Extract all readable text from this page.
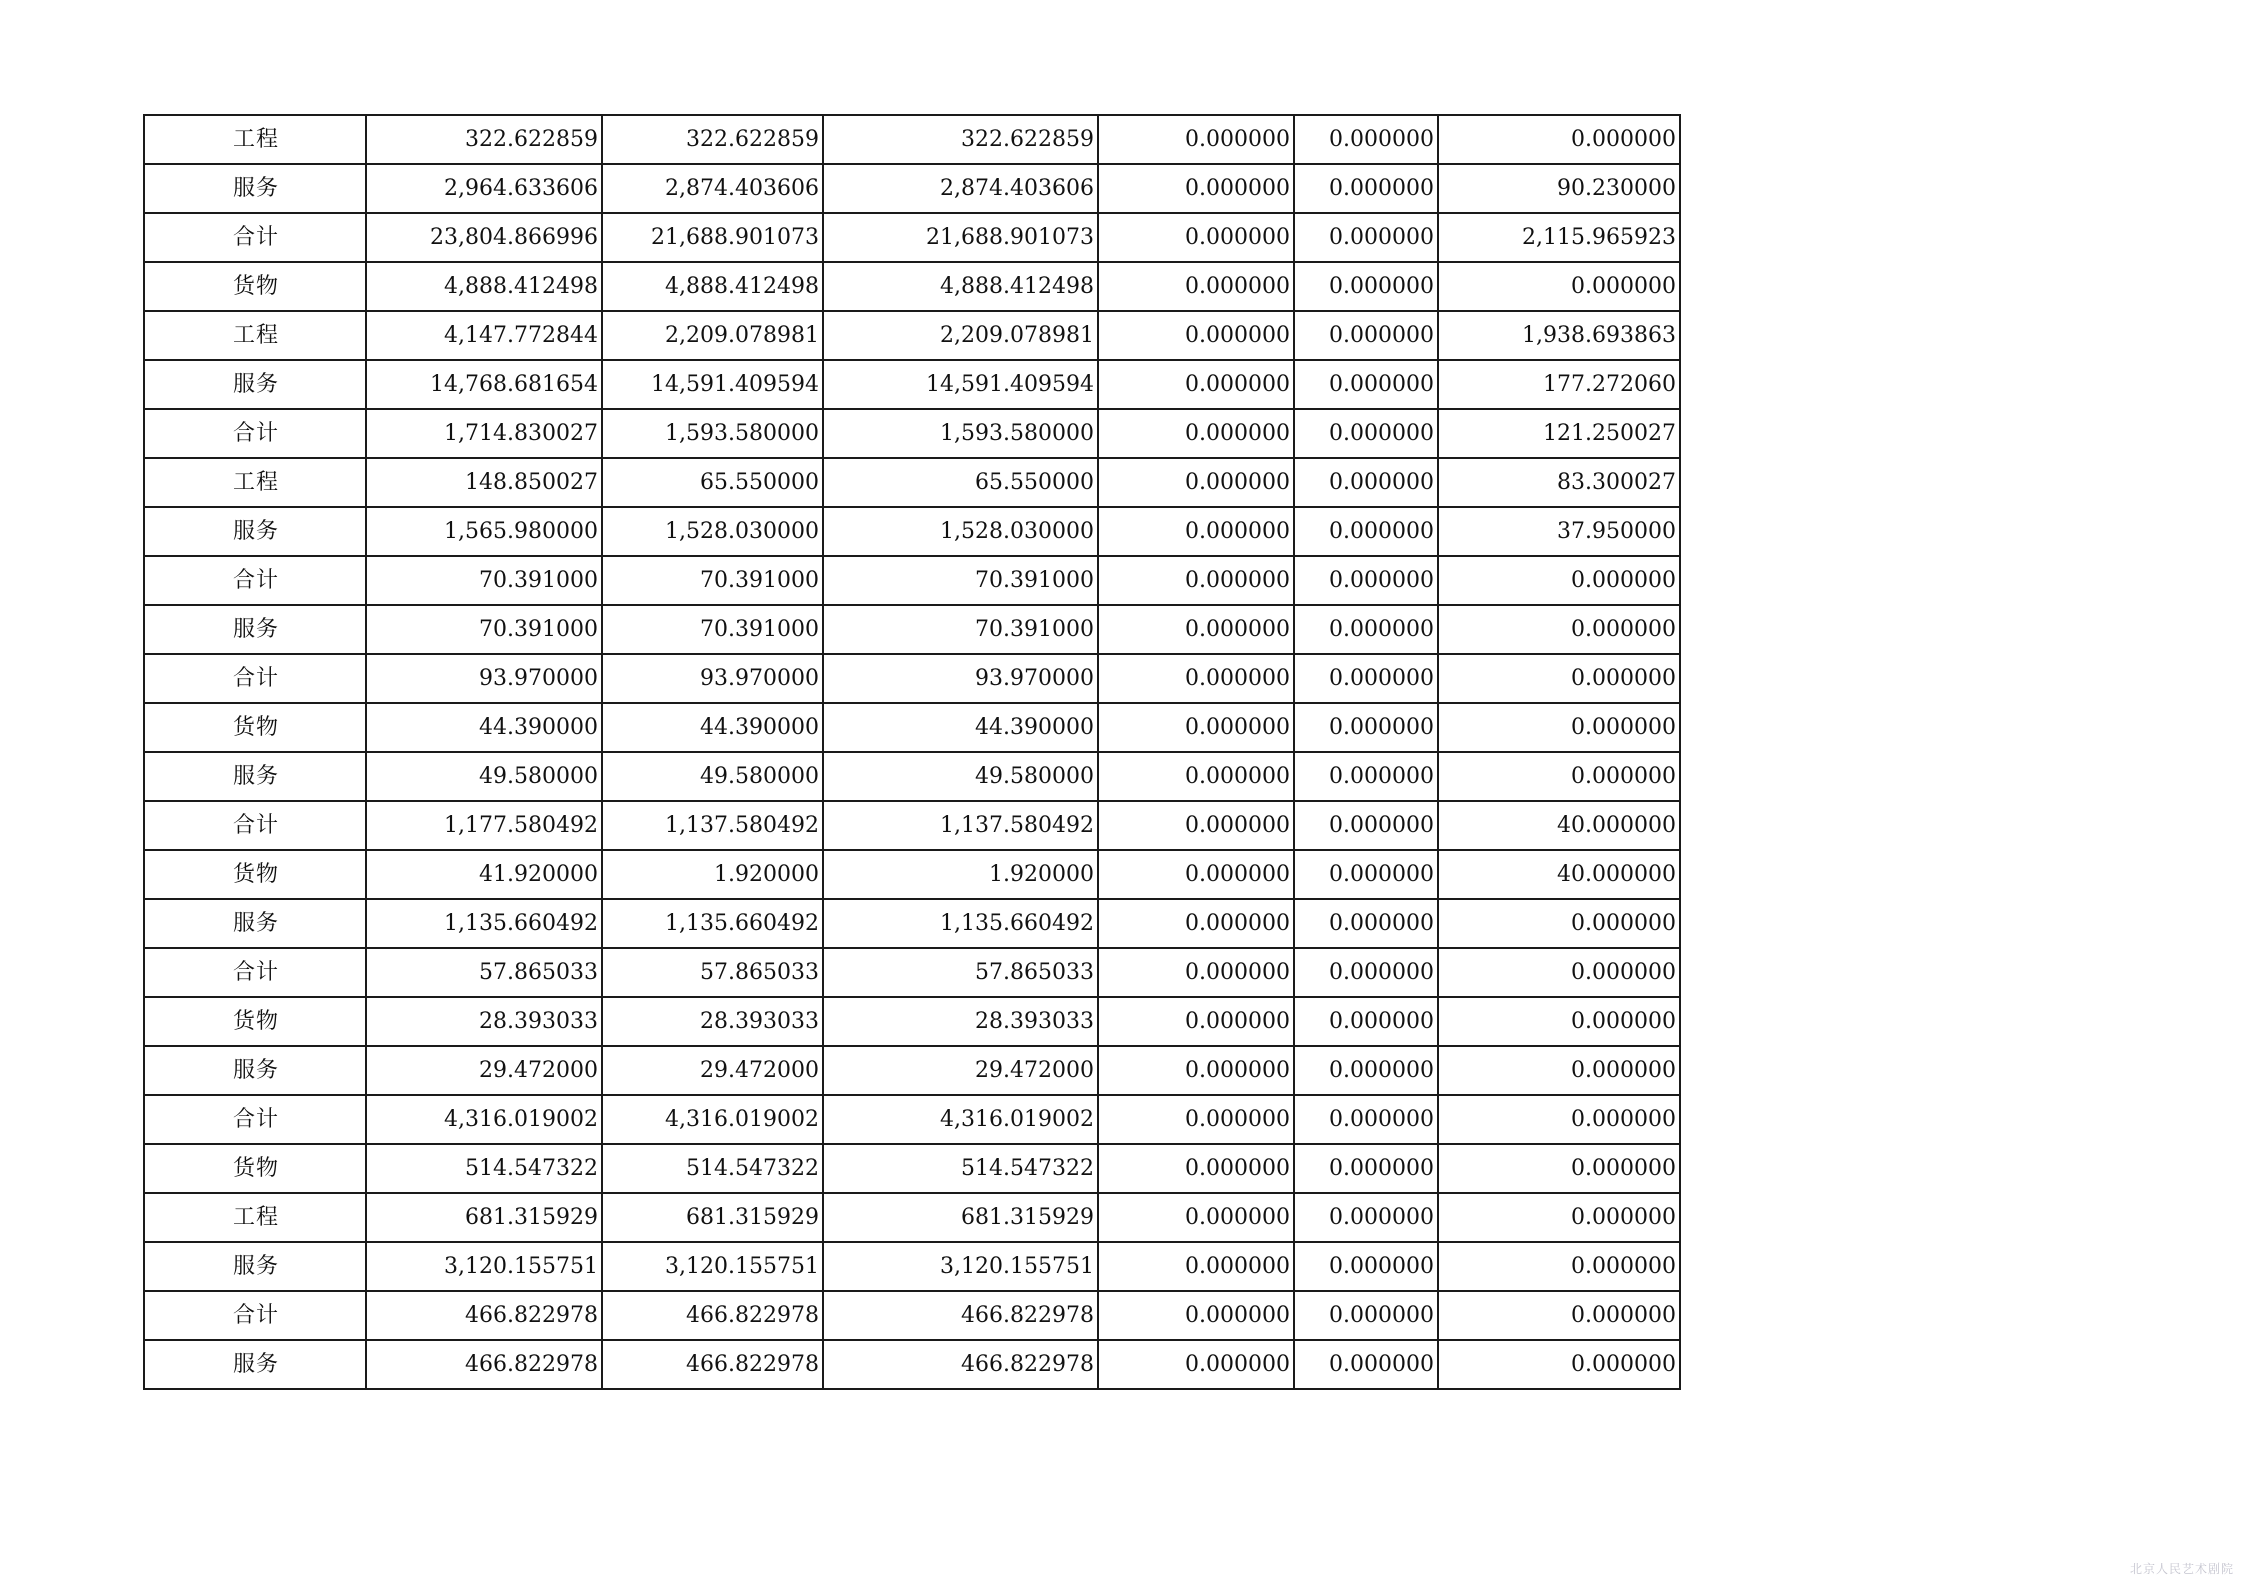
工程	322.622859	322.622859	322.622859	0.000000	0.000000	0.000000
服务	2,964.633606	2,874.403606	2,874.403606	0.000000	0.000000	90.230000
合计	23,804.866996	21,688.901073	21,688.901073	0.000000	0.000000	2,115.965923
货物	4,888.412498	4,888.412498	4,888.412498	0.000000	0.000000	0.000000
工程	4,147.772844	2,209.078981	2,209.078981	0.000000	0.000000	1,938.693863
服务	14,768.681654	14,591.409594	14,591.409594	0.000000	0.000000	177.272060
合计	1,714.830027	1,593.580000	1,593.580000	0.000000	0.000000	121.250027
工程	148.850027	65.550000	65.550000	0.000000	0.000000	83.300027
服务	1,565.980000	1,528.030000	1,528.030000	0.000000	0.000000	37.950000
合计	70.391000	70.391000	70.391000	0.000000	0.000000	0.000000
服务	70.391000	70.391000	70.391000	0.000000	0.000000	0.000000
合计	93.970000	93.970000	93.970000	0.000000	0.000000	0.000000
货物	44.390000	44.390000	44.390000	0.000000	0.000000	0.000000
服务	49.580000	49.580000	49.580000	0.000000	0.000000	0.000000
合计	1,177.580492	1,137.580492	1,137.580492	0.000000	0.000000	40.000000
货物	41.920000	1.920000	1.920000	0.000000	0.000000	40.000000
服务	1,135.660492	1,135.660492	1,135.660492	0.000000	0.000000	0.000000
合计	57.865033	57.865033	57.865033	0.000000	0.000000	0.000000
货物	28.393033	28.393033	28.393033	0.000000	0.000000	0.000000
服务	29.472000	29.472000	29.472000	0.000000	0.000000	0.000000
合计	4,316.019002	4,316.019002	4,316.019002	0.000000	0.000000	0.000000
货物	514.547322	514.547322	514.547322	0.000000	0.000000	0.000000
工程	681.315929	681.315929	681.315929	0.000000	0.000000	0.000000
服务	3,120.155751	3,120.155751	3,120.155751	0.000000	0.000000	0.000000
合计	466.822978	466.822978	466.822978	0.000000	0.000000	0.000000
服务	466.822978	466.822978	466.822978	0.000000	0.000000	0.000000
北京人民艺术剧院
